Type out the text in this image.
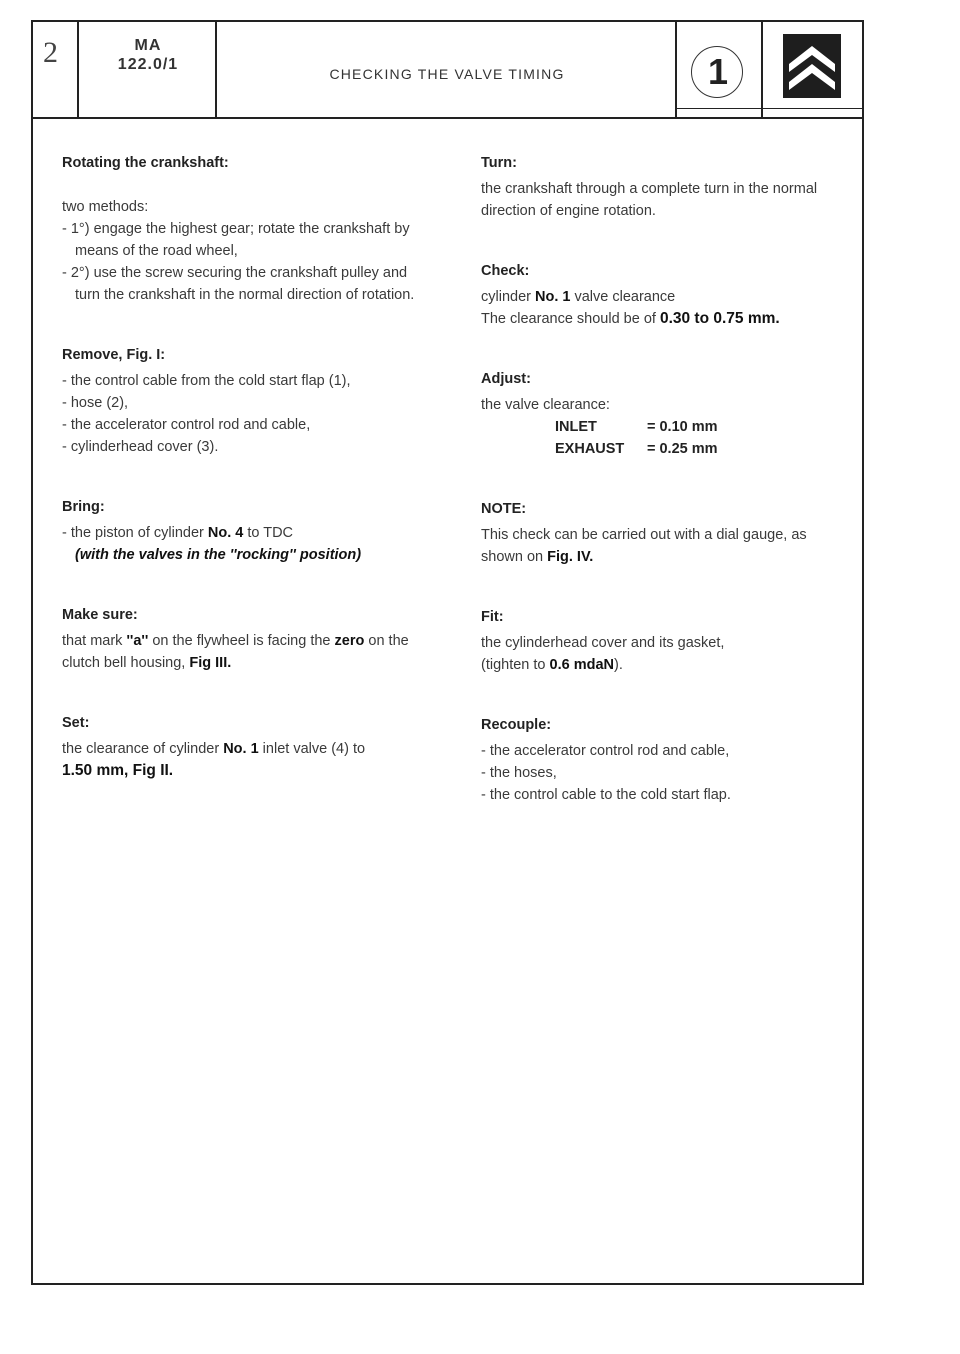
2	MA
122.0/1
CHECKING THE VALVE TIMING	1
Rotating the crankshaft:

two methods:

- 1°) engage the highest gear; rotate the crankshaft by means of the road wheel,

- 2°) use the screw securing the crankshaft pulley and turn the crankshaft in the normal direction of rotation.

Remove, Fig. I:

- the control cable from the cold start flap (1),

- hose (2),

- the accelerator control rod and cable,

- cylinderhead cover (3).

Bring:

- the piston of cylinder No. 4 to TDC

(with the valves in the ''rocking'' position)

Make sure:

that mark ''a'' on the flywheel is facing the zero on the clutch bell housing, Fig III.

Set:

the clearance of cylinder No. 1 inlet valve (4) to

1.50 mm, Fig II.

Turn:

the crankshaft through a complete turn in the normal direction of engine rotation.

Check:

cylinder No. 1 valve clearance

The clearance should be of 0.30 to 0.75 mm.

Adjust:

the valve clearance:

INLET	= 0.10 mm
EXHAUST	= 0.25 mm
NOTE:

This check can be carried out with a dial gauge, as shown on Fig. IV.

Fit:

the cylinderhead cover and its gasket,

(tighten to 0.6 mdaN).

Recouple:

- the accelerator control rod and cable,

- the hoses,

- the control cable to the cold start flap.
